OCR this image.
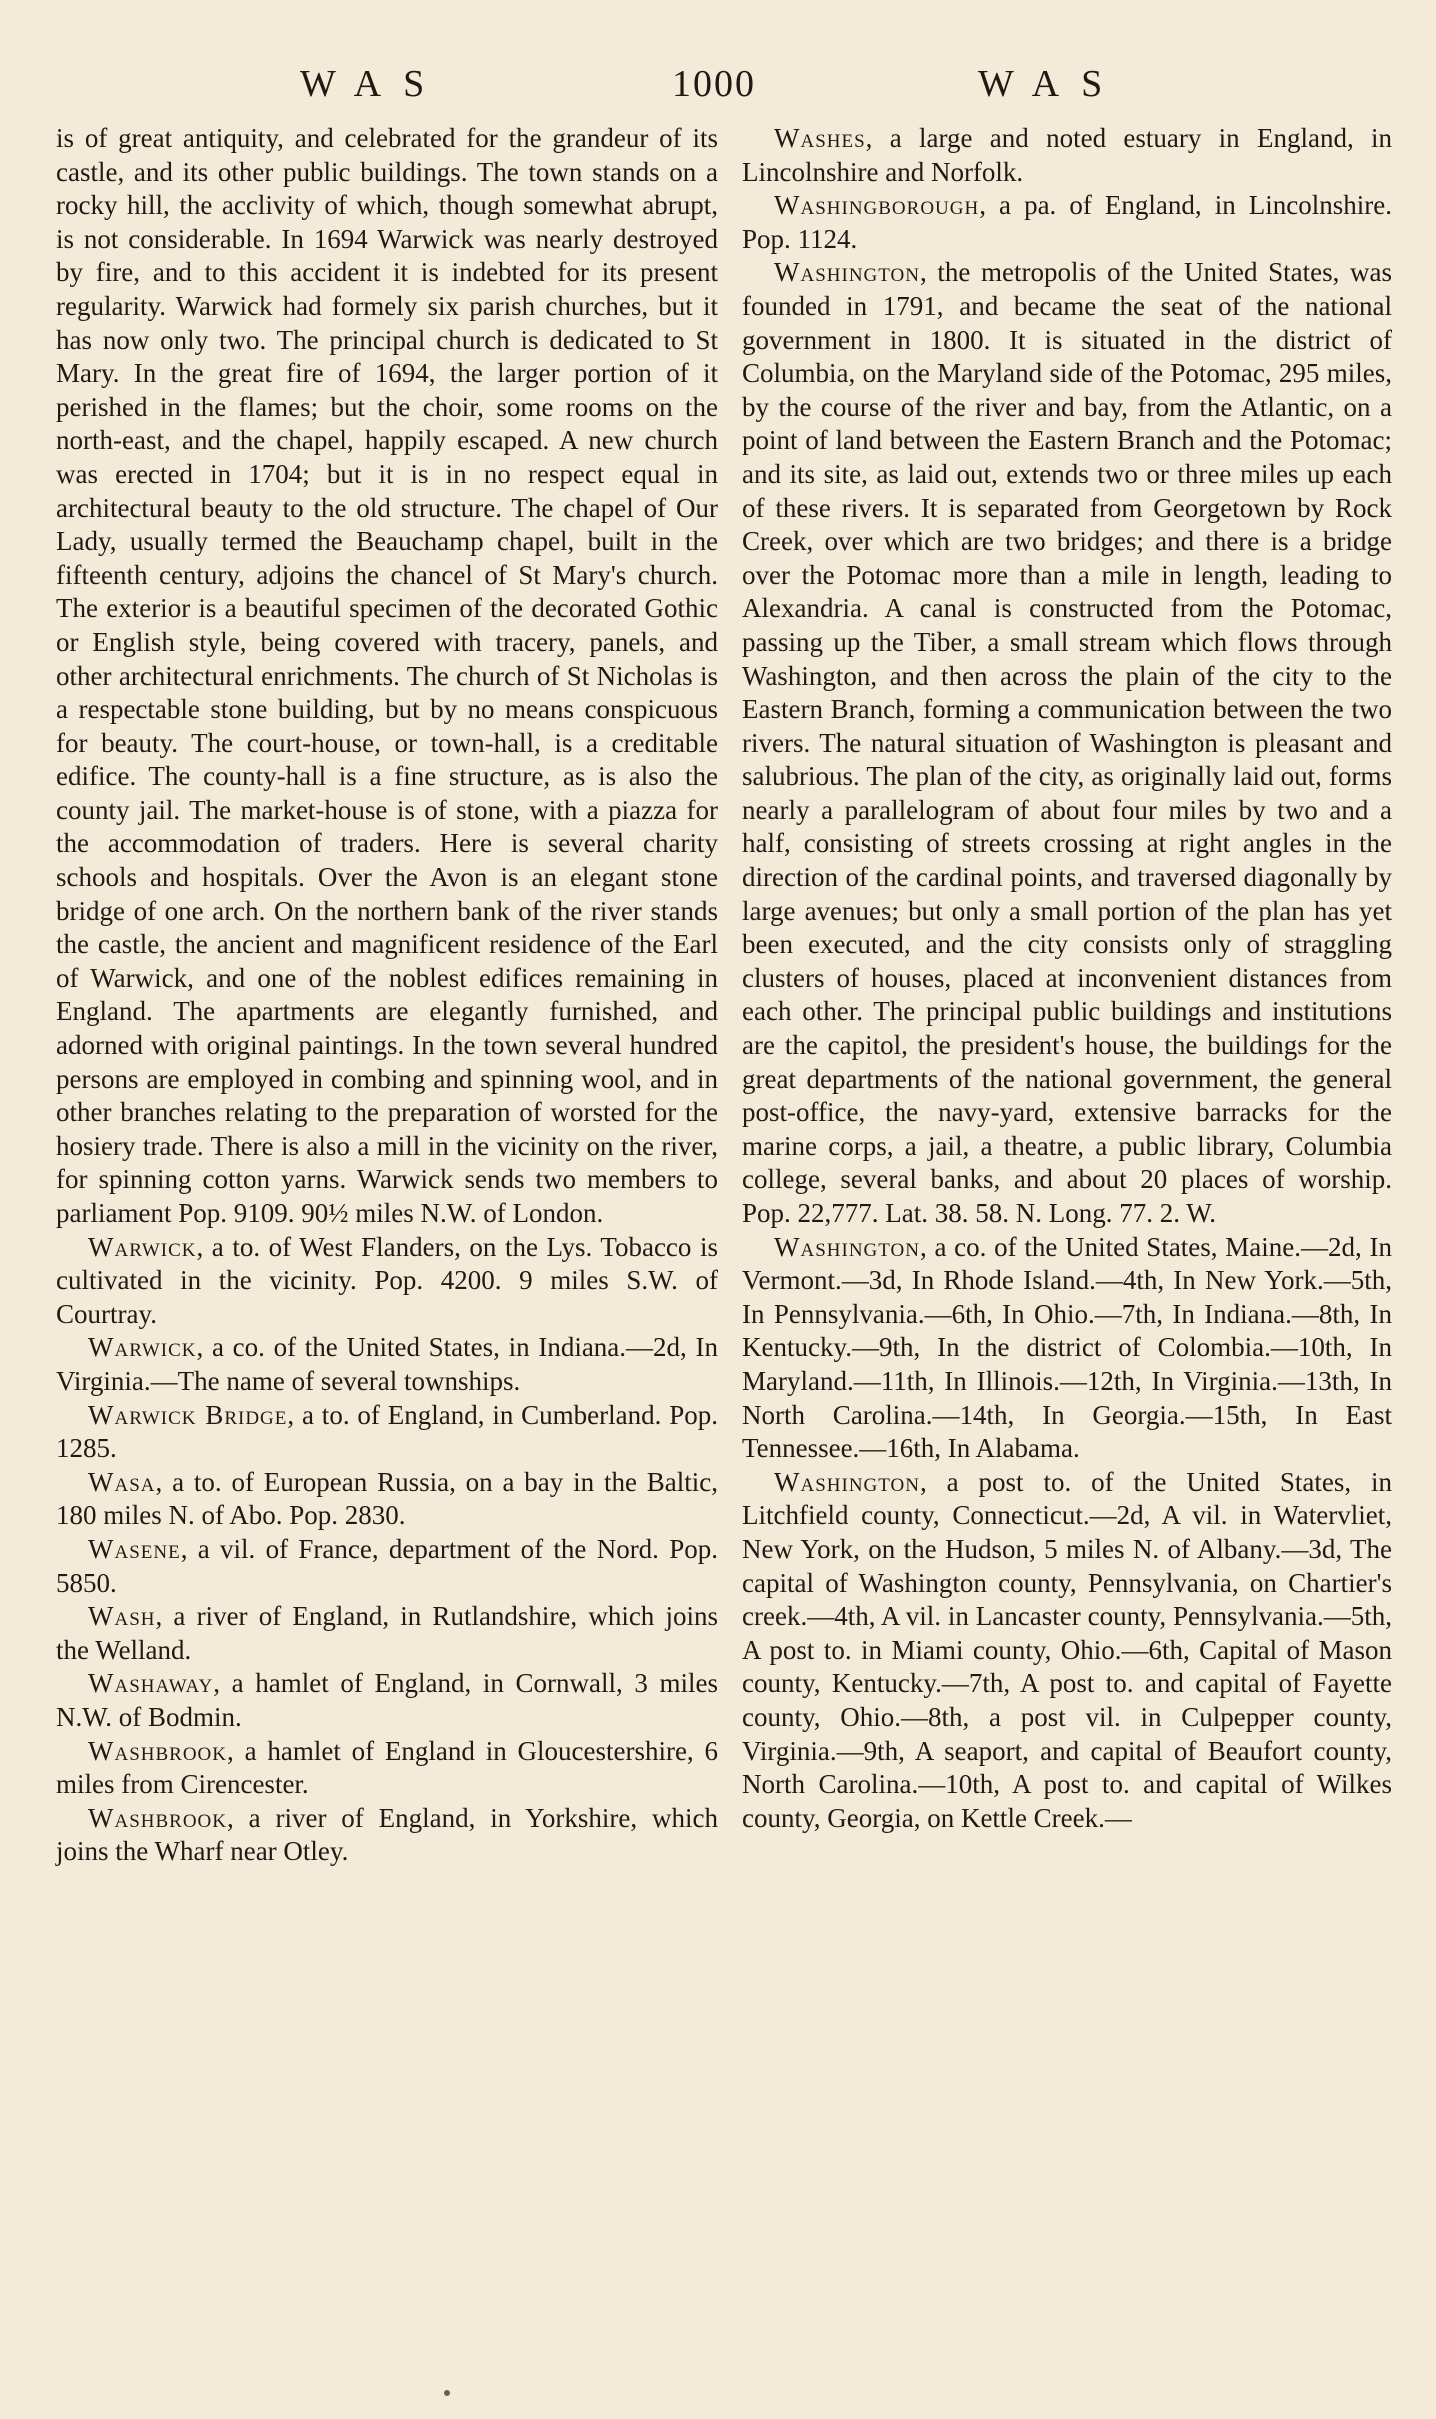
WAS	1000	WAS

is of great antiquity, and celebrated for the grandeur of its castle, and its other public buildings. The town stands on a rocky hill, the acclivity of which, though somewhat abrupt, is not considerable. In 1694 Warwick was nearly destroyed by fire, and to this accident it is indebted for its present regularity. Warwick had formely six parish churches, but it has now only two. The principal church is dedicated to St Mary. In the great fire of 1694, the larger portion of it perished in the flames; but the choir, some rooms on the north-east, and the chapel, happily escaped. A new church was erected in 1704; but it is in no respect equal in architectural beauty to the old structure. The chapel of Our Lady, usually termed the Beauchamp chapel, built in the fifteenth century, adjoins the chancel of St Mary's church. The exterior is a beautiful specimen of the decorated Gothic or English style, being covered with tracery, panels, and other architectural enrichments. The church of St Nicholas is a respectable stone building, but by no means conspicuous for beauty. The court-house, or town-hall, is a creditable edifice. The county-hall is a fine structure, as is also the county jail. The market-house is of stone, with a piazza for the accommodation of traders. Here is several charity schools and hospitals. Over the Avon is an elegant stone bridge of one arch. On the northern bank of the river stands the castle, the ancient and magnificent residence of the Earl of Warwick, and one of the noblest edifices remaining in England. The apartments are elegantly furnished, and adorned with original paintings. In the town several hundred persons are employed in combing and spinning wool, and in other branches relating to the preparation of worsted for the hosiery trade. There is also a mill in the vicinity on the river, for spinning cotton yarns. Warwick sends two members to parliament Pop. 9109. 90½ miles N.W. of London.

Warwick, a to. of West Flanders, on the Lys. Tobacco is cultivated in the vicinity. Pop. 4200. 9 miles S.W. of Courtray.

Warwick, a co. of the United States, in Indiana.—2d, In Virginia.—The name of several townships.

Warwick Bridge, a to. of England, in Cumberland. Pop. 1285.

Wasa, a to. of European Russia, on a bay in the Baltic, 180 miles N. of Abo. Pop. 2830.

Wasene, a vil. of France, department of the Nord. Pop. 5850.

Wash, a river of England, in Rutlandshire, which joins the Welland.

Washaway, a hamlet of England, in Cornwall, 3 miles N.W. of Bodmin.

Washbrook, a hamlet of England in Gloucestershire, 6 miles from Cirencester.

Washbrook, a river of England, in Yorkshire, which joins the Wharf near Otley.

Washes, a large and noted estuary in England, in Lincolnshire and Norfolk.

Washingborough, a pa. of England, in Lincolnshire. Pop. 1124.

Washington, the metropolis of the United States, was founded in 1791, and became the seat of the national government in 1800. It is situated in the district of Columbia, on the Maryland side of the Potomac, 295 miles, by the course of the river and bay, from the Atlantic, on a point of land between the Eastern Branch and the Potomac; and its site, as laid out, extends two or three miles up each of these rivers. It is separated from Georgetown by Rock Creek, over which are two bridges; and there is a bridge over the Potomac more than a mile in length, leading to Alexandria. A canal is constructed from the Potomac, passing up the Tiber, a small stream which flows through Washington, and then across the plain of the city to the Eastern Branch, forming a communication between the two rivers. The natural situation of Washington is pleasant and salubrious. The plan of the city, as originally laid out, forms nearly a parallelogram of about four miles by two and a half, consisting of streets crossing at right angles in the direction of the cardinal points, and traversed diagonally by large avenues; but only a small portion of the plan has yet been executed, and the city consists only of straggling clusters of houses, placed at inconvenient distances from each other. The principal public buildings and institutions are the capitol, the president's house, the buildings for the great departments of the national government, the general post-office, the navy-yard, extensive barracks for the marine corps, a jail, a theatre, a public library, Columbia college, several banks, and about 20 places of worship. Pop. 22,777. Lat. 38. 58. N. Long. 77. 2. W.

Washington, a co. of the United States, Maine.—2d, In Vermont.—3d, In Rhode Island.—4th, In New York.—5th, In Pennsylvania.—6th, In Ohio.—7th, In Indiana.—8th, In Kentucky.—9th, In the district of Colombia.—10th, In Maryland.—11th, In Illinois.—12th, In Virginia.—13th, In North Carolina.—14th, In Georgia.—15th, In East Tennessee.—16th, In Alabama.

Washington, a post to. of the United States, in Litchfield county, Connecticut.—2d, A vil. in Watervliet, New York, on the Hudson, 5 miles N. of Albany.—3d, The capital of Washington county, Pennsylvania, on Chartier's creek.—4th, A vil. in Lancaster county, Pennsylvania.—5th, A post to. in Miami county, Ohio.—6th, Capital of Mason county, Kentucky.—7th, A post to. and capital of Fayette county, Ohio.—8th, a post vil. in Culpepper county, Virginia.—9th, A seaport, and capital of Beaufort county, North Carolina.—10th, A post to. and capital of Wilkes county, Georgia, on Kettle Creek.—
